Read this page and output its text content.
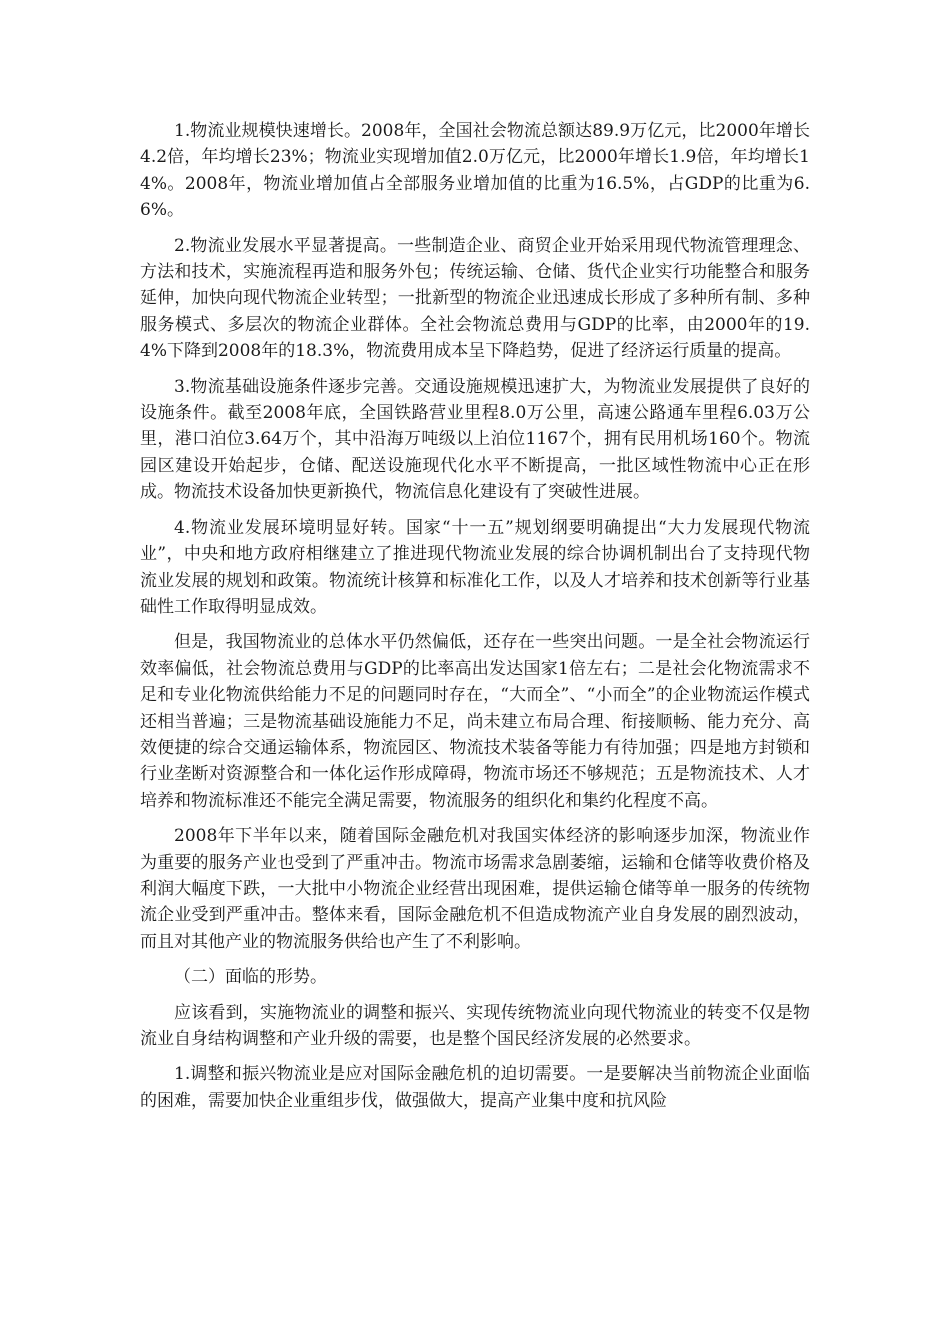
1.物流业规模快速增长。2008年，全国社会物流总额达89.9万亿元，比2000年增长4.2倍，年均增长23%；物流业实现增加值2.0万亿元，比2000年增长1.9倍，年均增长14%。2008年，物流业增加值占全部服务业增加值的比重为16.5%，占GDP的比重为6.6%。

2.物流业发展水平显著提高。一些制造企业、商贸企业开始采用现代物流管理理念、方法和技术，实施流程再造和服务外包；传统运输、仓储、货代企业实行功能整合和服务延伸，加快向现代物流企业转型；一批新型的物流企业迅速成长形成了多种所有制、多种服务模式、多层次的物流企业群体。全社会物流总费用与GDP的比率，由2000年的19.4%下降到2008年的18.3%，物流费用成本呈下降趋势，促进了经济运行质量的提高。

3.物流基础设施条件逐步完善。交通设施规模迅速扩大，为物流业发展提供了良好的设施条件。截至2008年底，全国铁路营业里程8.0万公里，高速公路通车里程6.03万公里，港口泊位3.64万个，其中沿海万吨级以上泊位1167个，拥有民用机场160个。物流园区建设开始起步，仓储、配送设施现代化水平不断提高，一批区域性物流中心正在形成。物流技术设备加快更新换代，物流信息化建设有了突破性进展。

4.物流业发展环境明显好转。国家“十一五”规划纲要明确提出“大力发展现代物流业”，中央和地方政府相继建立了推进现代物流业发展的综合协调机制出台了支持现代物流业发展的规划和政策。物流统计核算和标准化工作，以及人才培养和技术创新等行业基础性工作取得明显成效。

但是，我国物流业的总体水平仍然偏低，还存在一些突出问题。一是全社会物流运行效率偏低，社会物流总费用与GDP的比率高出发达国家1倍左右；二是社会化物流需求不足和专业化物流供给能力不足的问题同时存在，“大而全”、“小而全”的企业物流运作模式还相当普遍；三是物流基础设施能力不足，尚未建立布局合理、衔接顺畅、能力充分、高效便捷的综合交通运输体系，物流园区、物流技术装备等能力有待加强；四是地方封锁和行业垄断对资源整合和一体化运作形成障碍，物流市场还不够规范；五是物流技术、人才培养和物流标准还不能完全满足需要，物流服务的组织化和集约化程度不高。

2008年下半年以来，随着国际金融危机对我国实体经济的影响逐步加深，物流业作为重要的服务产业也受到了严重冲击。物流市场需求急剧萎缩，运输和仓储等收费价格及利润大幅度下跌，一大批中小物流企业经营出现困难，提供运输仓储等单一服务的传统物流企业受到严重冲击。整体来看，国际金融危机不但造成物流产业自身发展的剧烈波动，而且对其他产业的物流服务供给也产生了不利影响。

（二）面临的形势。

应该看到，实施物流业的调整和振兴、实现传统物流业向现代物流业的转变不仅是物流业自身结构调整和产业升级的需要，也是整个国民经济发展的必然要求。

1.调整和振兴物流业是应对国际金融危机的迫切需要。一是要解决当前物流企业面临的困难，需要加快企业重组步伐，做强做大，提高产业集中度和抗风险
